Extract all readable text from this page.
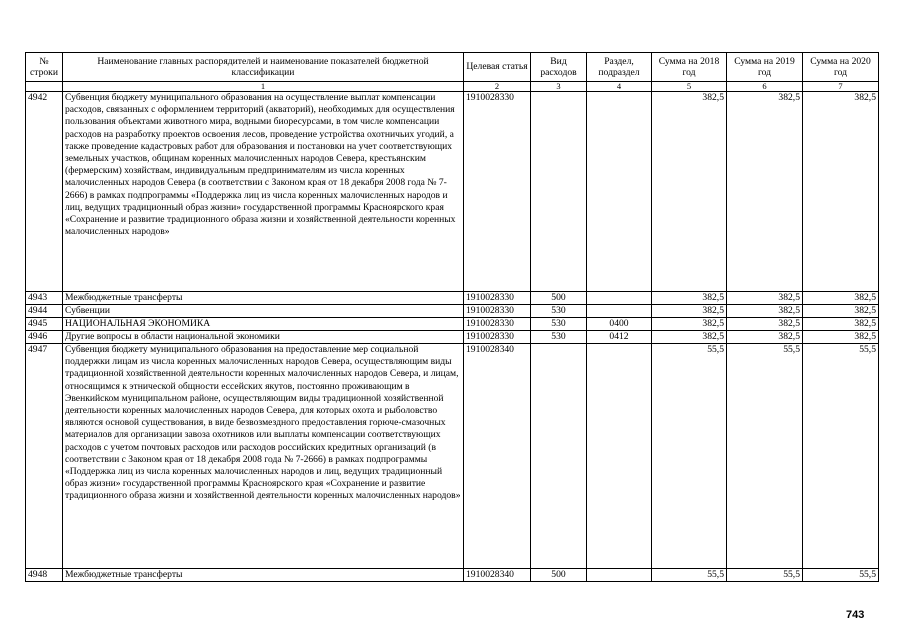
№
строки	Наименование главных распорядителей и наименование показателей бюджетной классификации	Целевая статья	Вид расходов	Раздел, подраздел	Сумма на 2018 год	Сумма на 2019 год	Сумма на 2020 год
	1	2	3	4	5	6	7
4942	Субвенция бюджету муниципального образования на осуществление выплат компенсации расходов, связанных с оформлением территорий (акваторий), необходимых для осуществления пользования объектами животного мира, водными биоресурсами, в том числе компенсации расходов на разработку проектов освоения лесов, проведение устройства охотничьих угодий, а также проведение кадастровых работ для образования и постановки на учет соответствующих земельных участков, общинам коренных малочисленных народов Севера, крестьянским (фермерским) хозяйствам, индивидуальным предпринимателям из числа коренных малочисленных народов Севера (в соответствии с Законом края от 18 декабря 2008 года № 7-2666) в рамках подпрограммы «Поддержка лиц из числа коренных малочисленных народов и лиц, ведущих традиционный образ жизни» государственной программы Красноярского края «Сохранение и развитие традиционного образа жизни и хозяйственной деятельности коренных малочисленных народов»	1910028330			382,5	382,5	382,5
4943	Межбюджетные трансферты	1910028330	500		382,5	382,5	382,5
4944	Субвенции	1910028330	530		382,5	382,5	382,5
4945	НАЦИОНАЛЬНАЯ ЭКОНОМИКА	1910028330	530	0400	382,5	382,5	382,5
4946	Другие вопросы в области национальной экономики	1910028330	530	0412	382,5	382,5	382,5
4947	Субвенция бюджету муниципального образования на предоставление мер социальной поддержки лицам из числа коренных малочисленных народов Севера, осуществляющим виды традиционной хозяйственной деятельности коренных малочисленных народов Севера, и лицам, относящимся к этнической общности ессейских якутов, постоянно проживающим в Эвенкийском муниципальном районе, осуществляющим виды традиционной хозяйственной деятельности коренных малочисленных народов Севера, для которых охота и рыболовство являются основой существования, в виде безвозмездного предоставления горюче-смазочных материалов для организации завоза охотников или выплаты компенсации соответствующих расходов с учетом почтовых расходов или расходов российских кредитных организаций (в соответствии с Законом края от 18 декабря 2008 года № 7-2666) в рамках подпрограммы «Поддержка лиц из числа коренных малочисленных народов и лиц, ведущих традиционный образ жизни» государственной программы Красноярского края «Сохранение и развитие традиционного образа жизни и хозяйственной деятельности коренных малочисленных народов»	1910028340			55,5	55,5	55,5
4948	Межбюджетные трансферты	1910028340	500		55,5	55,5	55,5
743
